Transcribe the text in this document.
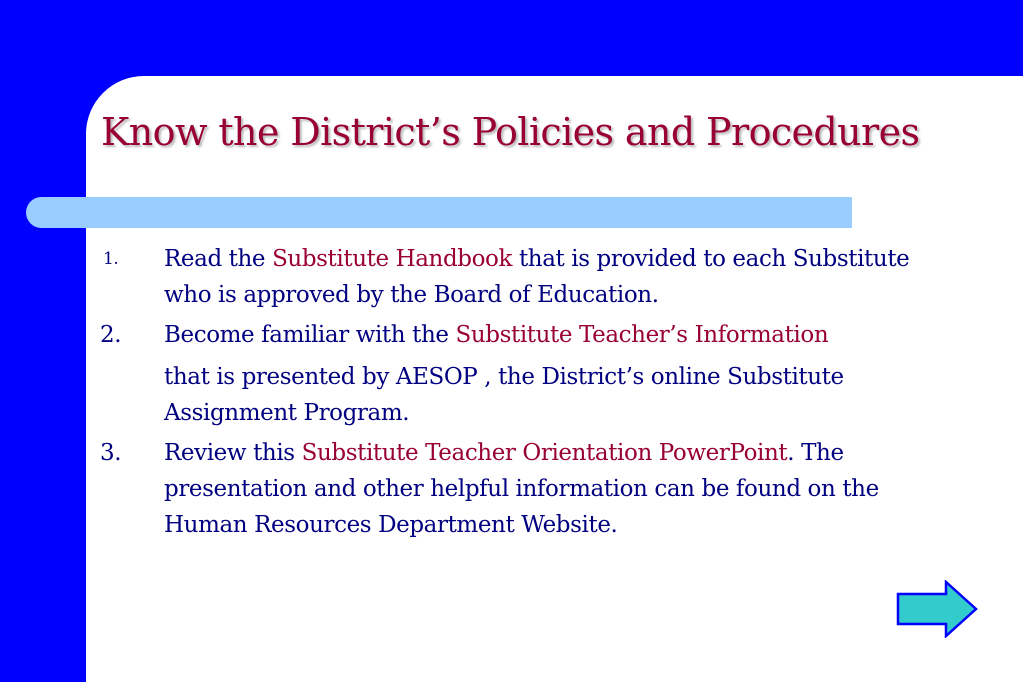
Know the District’s Policies and Procedures
1. Read the Substitute Handbook that is provided to each Substitute who is approved by the Board of Education.
2. Become familiar with the Substitute Teacher’s Information
that is presented by AESOP , the District’s online Substitute Assignment Program.
3. Review this Substitute Teacher Orientation PowerPoint. The presentation and other helpful information can be found on the Human Resources Department Website.
